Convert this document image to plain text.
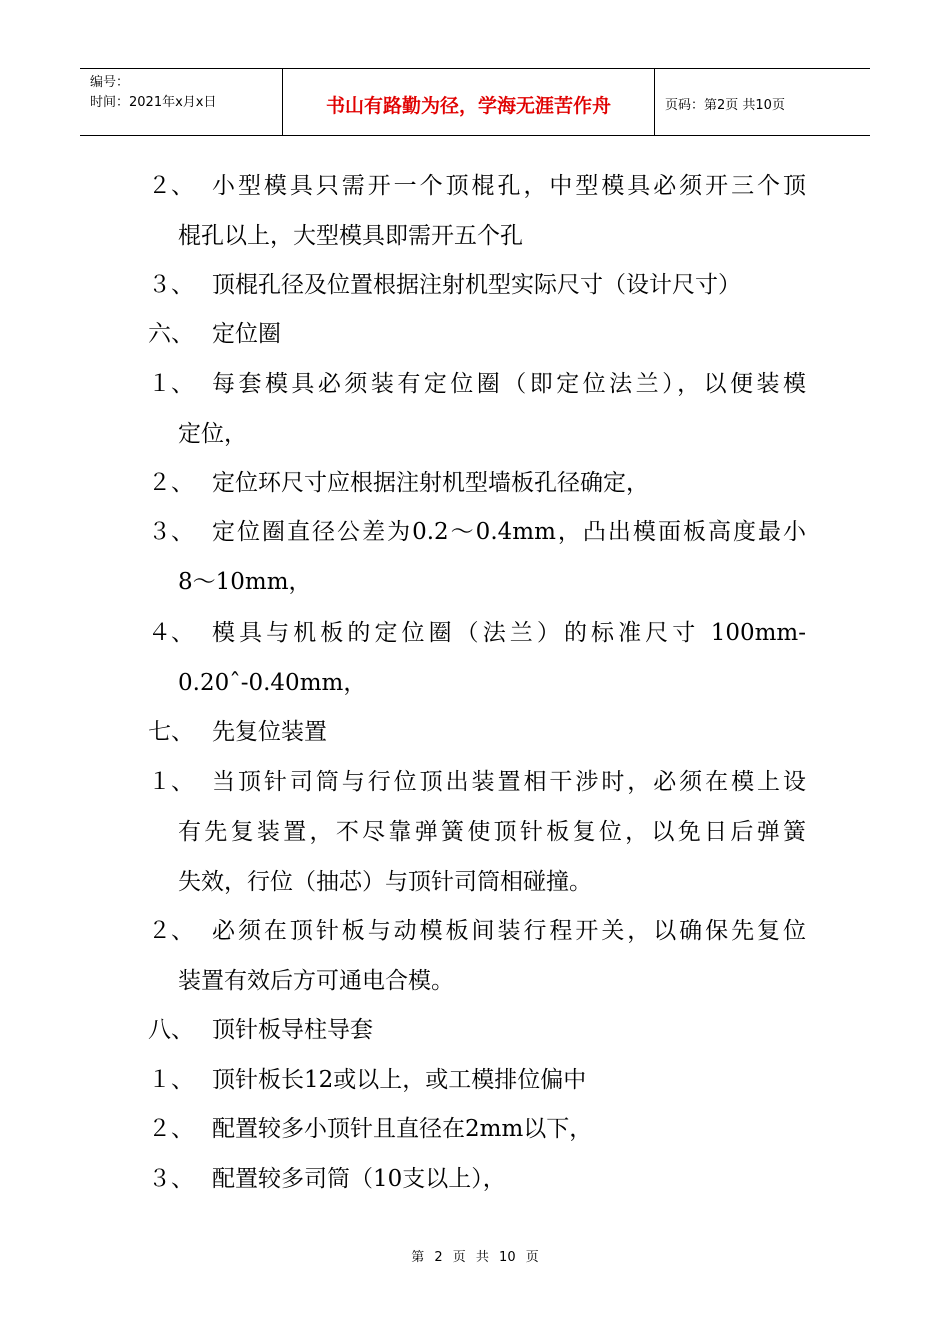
编号：
时间：2021年x月x日	书山有路勤为径，学海无涯苦作舟	页码：第2页 共10页
２、 小型模具只需开一个顶棍孔，中型模具必须开三个顶
棍孔以上，大型模具即需开五个孔
３、 顶棍孔径及位置根据注射机型实际尺寸（设计尺寸）
六、 定位圈
１、 每套模具必须装有定位圈（即定位法兰），以便装模
定位，
２、 定位环尺寸应根据注射机型墙板孔径确定，
３、 定位圈直径公差为0.2～0.4mm，凸出模面板高度最小
8～10mm，
４、 模具与机板的定位圈（法兰）的标准尺寸 100mm-
0.20ˆ-0.40mm，
七、 先复位装置
１、 当顶针司筒与行位顶出装置相干涉时，必须在模上设
有先复装置，不尽靠弹簧使顶针板复位，以免日后弹簧
失效，行位（抽芯）与顶针司筒相碰撞。
２、 必须在顶针板与动模板间装行程开关，以确保先复位
装置有效后方可通电合模。
八、 顶针板导柱导套
１、 顶针板长12或以上，或工模排位偏中
２、 配置较多小顶针且直径在2mm以下，
３、 配置较多司筒（10支以上），
第 2 页 共 10 页
